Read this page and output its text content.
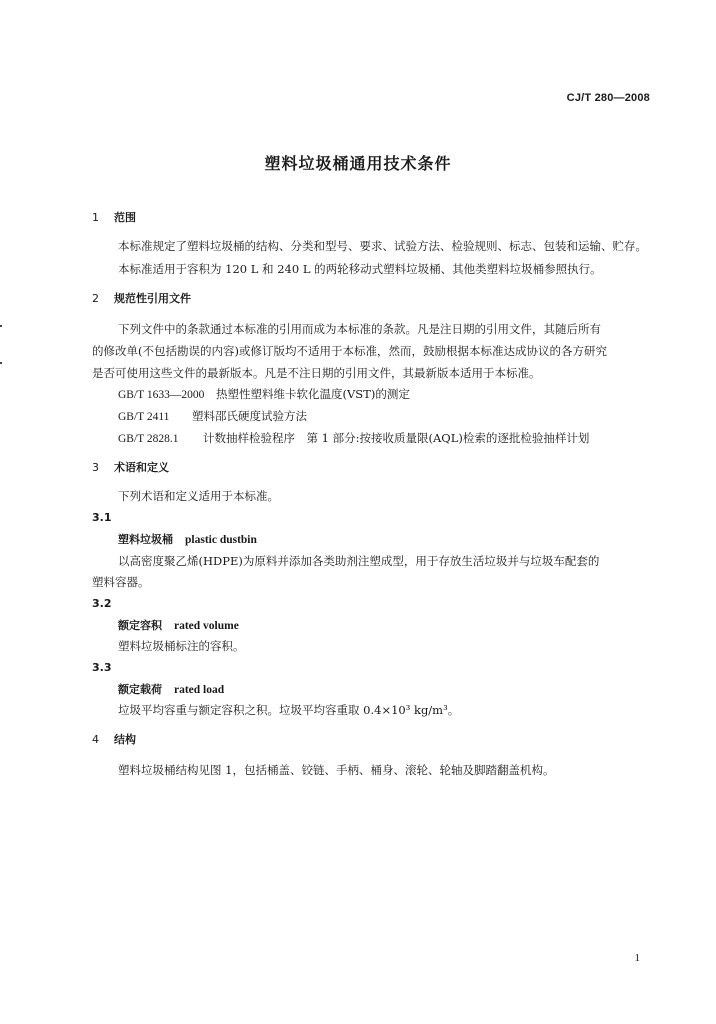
CJ/T 280—2008
塑料垃圾桶通用技术条件
1 范围
本标准规定了塑料垃圾桶的结构、分类和型号、要求、试验方法、检验规则、标志、包装和运输、贮存。
本标准适用于容积为 120 L 和 240 L 的两轮移动式塑料垃圾桶、其他类塑料垃圾桶参照执行。
2 规范性引用文件
下列文件中的条款通过本标准的引用而成为本标准的条款。凡是注日期的引用文件，其随后所有
的修改单(不包括勘误的内容)或修订版均不适用于本标准，然而，鼓励根据本标准达成协议的各方研究
是否可使用这些文件的最新版本。凡是不注日期的引用文件，其最新版本适用于本标准。
GB/T 1633—2000 热塑性塑料维卡软化温度(VST)的测定
GB/T 2411 塑料邵氏硬度试验方法
GB/T 2828.1 计数抽样检验程序　第 1 部分:按接收质量限(AQL)检索的逐批检验抽样计划
3 术语和定义
下列术语和定义适用于本标准。
3.1
塑料垃圾桶 plastic dustbin
以高密度聚乙烯(HDPE)为原料并添加各类助剂注塑成型，用于存放生活垃圾并与垃圾车配套的
塑料容器。
3.2
额定容积 rated volume
塑料垃圾桶标注的容积。
3.3
额定载荷 rated load
垃圾平均容重与额定容积之积。垃圾平均容重取 0.4×10³ kg/m³。
4 结构
塑料垃圾桶结构见图 1，包括桶盖、铰链、手柄、桶身、滚轮、轮轴及脚踏翻盖机构。
1
